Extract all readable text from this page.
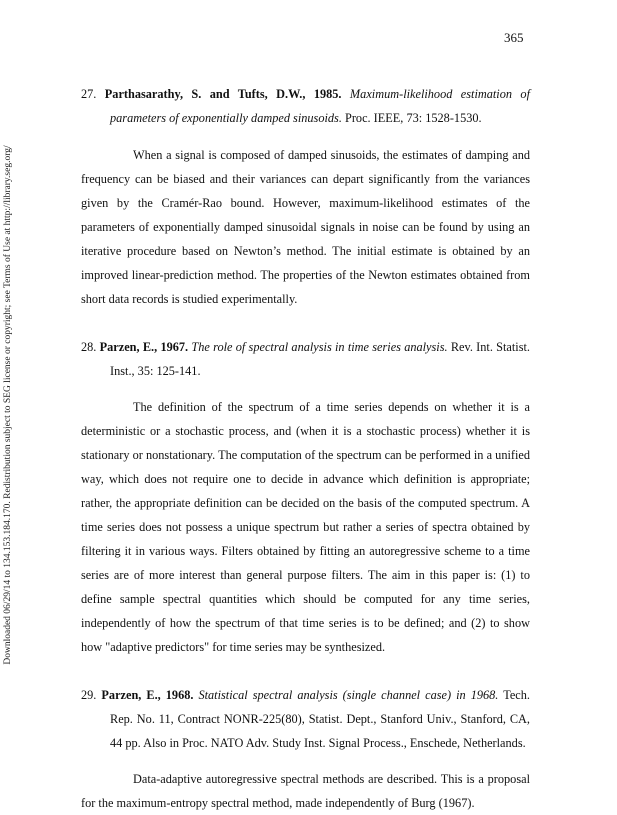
365
Downloaded 06/29/14 to 134.153.184.170. Redistribution subject to SEG license or copyright; see Terms of Use at http://library.seg.org/

27. Parthasarathy, S. and Tufts, D.W., 1985. Maximum-likelihood estimation of parameters of exponentially damped sinusoids. Proc. IEEE, 73: 1528-1530.

When a signal is composed of damped sinusoids, the estimates of damping and frequency can be biased and their variances can depart significantly from the variances given by the Cramér-Rao bound. However, maximum-likelihood estimates of the parameters of exponentially damped sinusoidal signals in noise can be found by using an iterative procedure based on Newton’s method. The initial estimate is obtained by an improved linear-prediction method. The properties of the Newton estimates obtained from short data records is studied experimentally.

28. Parzen, E., 1967. The role of spectral analysis in time series analysis. Rev. Int. Statist. Inst., 35: 125-141.

The definition of the spectrum of a time series depends on whether it is a deterministic or a stochastic process, and (when it is a stochastic process) whether it is stationary or nonstationary. The computation of the spectrum can be performed in a unified way, which does not require one to decide in advance which definition is appropriate; rather, the appropriate definition can be decided on the basis of the computed spectrum. A time series does not possess a unique spectrum but rather a series of spectra obtained by filtering it in various ways. Filters obtained by fitting an autoregressive scheme to a time series are of more interest than general purpose filters. The aim in this paper is: (1) to define sample spectral quantities which should be computed for any time series, independently of how the spectrum of that time series is to be defined; and (2) to show how "adaptive predictors" for time series may be synthesized.

29. Parzen, E., 1968. Statistical spectral analysis (single channel case) in 1968. Tech. Rep. No. 11, Contract NONR-225(80), Statist. Dept., Stanford Univ., Stanford, CA, 44 pp. Also in Proc. NATO Adv. Study Inst. Signal Process., Enschede, Netherlands.

Data-adaptive autoregressive spectral methods are described. This is a proposal for the maximum-entropy spectral method, made independently of Burg (1967).
